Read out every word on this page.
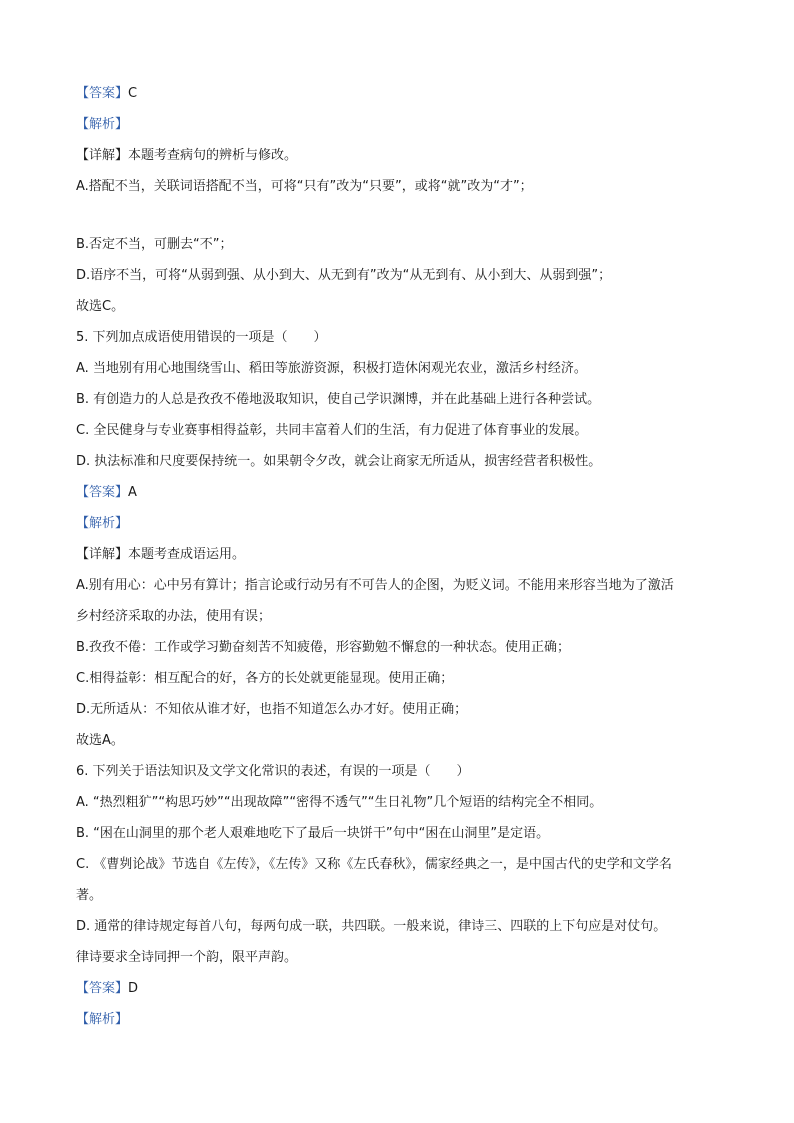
【答案】C
【解析】
【详解】本题考查病句的辨析与修改。
A.搭配不当，关联词语搭配不当，可将“只有”改为“只要”，或将“就”改为“才”；
B.否定不当，可删去“不”；
D.语序不当，可将“从弱到强、从小到大、从无到有”改为“从无到有、从小到大、从弱到强”；
故选C。
5. 下列加点成语使用错误的一项是（　　）
A. 当地别有用心地围绕雪山、稻田等旅游资源，积极打造休闲观光农业，激活乡村经济。
B. 有创造力的人总是孜孜不倦地汲取知识，使自己学识渊博，并在此基础上进行各种尝试。
C. 全民健身与专业赛事相得益彰，共同丰富着人们的生活，有力促进了体育事业的发展。
D. 执法标准和尺度要保持统一。如果朝令夕改，就会让商家无所适从，损害经营者积极性。
【答案】A
【解析】
【详解】本题考查成语运用。
A.别有用心：心中另有算计；指言论或行动另有不可告人的企图，为贬义词。不能用来形容当地为了激活
乡村经济采取的办法，使用有误；
B.孜孜不倦：工作或学习勤奋刻苦不知疲倦，形容勤勉不懈怠的一种状态。使用正确；
C.相得益彰：相互配合的好，各方的长处就更能显现。使用正确；
D.无所适从：不知依从谁才好，也指不知道怎么办才好。使用正确；
故选A。
6. 下列关于语法知识及文学文化常识的表述，有误的一项是（　　）
A. “热烈粗犷”“构思巧妙”“出现故障”“密得不透气”“生日礼物”几个短语的结构完全不相同。
B. “困在山洞里的那个老人艰难地吃下了最后一块饼干”句中“困在山洞里”是定语。
C. 《曹刿论战》节选自《左传》，《左传》又称《左氏春秋》，儒家经典之一，是中国古代的史学和文学名
著。
D. 通常的律诗规定每首八句，每两句成一联，共四联。一般来说，律诗三、四联的上下句应是对仗句。
律诗要求全诗同押一个韵，限平声韵。
【答案】D
【解析】
